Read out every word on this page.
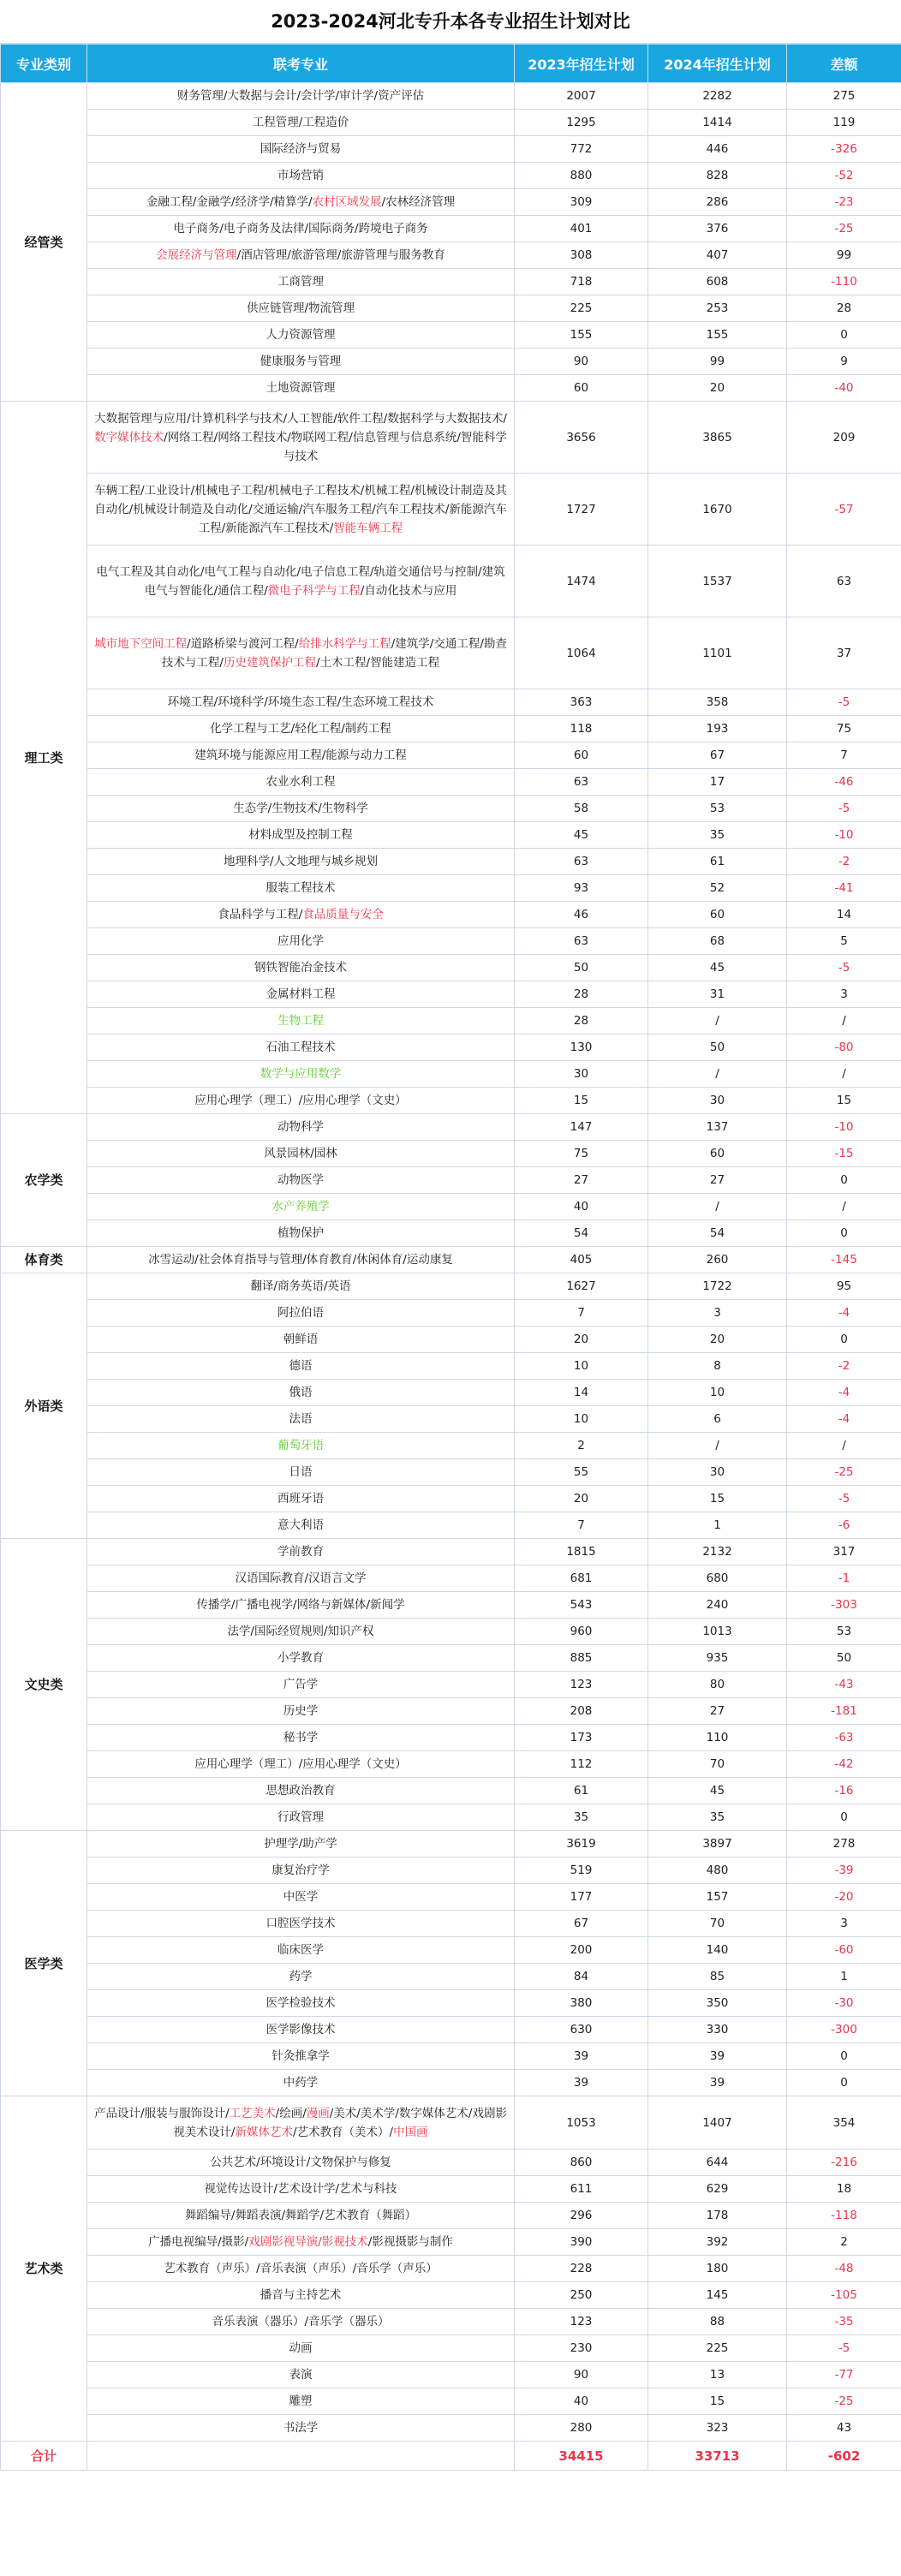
2023-2024河北专升本各专业招生计划对比
专业类别	联考专业	2023年招生计划	2024年招生计划	差额
经管类	财务管理/大数据与会计/会计学/审计学/资产评估	2007	2282	275
	工程管理/工程造价	1295	1414	119
	国际经济与贸易	772	446	-326
	市场营销	880	828	-52
	金融工程/金融学/经济学/精算学/农村区域发展/农林经济管理	309	286	-23
	电子商务/电子商务及法律/国际商务/跨境电子商务	401	376	-25
	会展经济与管理/酒店管理/旅游管理/旅游管理与服务教育	308	407	99
	工商管理	718	608	-110
	供应链管理/物流管理	225	253	28
	人力资源管理	155	155	0
	健康服务与管理	90	99	9
	土地资源管理	60	20	-40
理工类	大数据管理与应用/计算机科学与技术/人工智能/软件工程/数据科学与大数据技术/数字媒体技术/网络工程/网络工程技术/物联网工程/信息管理与信息系统/智能科学与技术	3656	3865	209
	车辆工程/工业设计/机械电子工程/机械电子工程技术/机械工程/机械设计制造及其自动化/机械设计制造及自动化/交通运输/汽车服务工程/汽车工程技术/新能源汽车工程/新能源汽车工程技术/智能车辆工程	1727	1670	-57
	电气工程及其自动化/电气工程与自动化/电子信息工程/轨道交通信号与控制/建筑电气与智能化/通信工程/微电子科学与工程/自动化技术与应用	1474	1537	63
	城市地下空间工程/道路桥梁与渡河工程/给排水科学与工程/建筑学/交通工程/勘查技术与工程/历史建筑保护工程/土木工程/智能建造工程	1064	1101	37
	环境工程/环境科学/环境生态工程/生态环境工程技术	363	358	-5
	化学工程与工艺/轻化工程/制药工程	118	193	75
	建筑环境与能源应用工程/能源与动力工程	60	67	7
	农业水利工程	63	17	-46
	生态学/生物技术/生物科学	58	53	-5
	材料成型及控制工程	45	35	-10
	地理科学/人文地理与城乡规划	63	61	-2
	服装工程技术	93	52	-41
	食品科学与工程/食品质量与安全	46	60	14
	应用化学	63	68	5
	钢铁智能冶金技术	50	45	-5
	金属材料工程	28	31	3
	生物工程	28	/	/
	石油工程技术	130	50	-80
	数学与应用数学	30	/	/
	应用心理学（理工）/应用心理学（文史）	15	30	15
农学类	动物科学	147	137	-10
	风景园林/园林	75	60	-15
	动物医学	27	27	0
	水产养殖学	40	/	/
	植物保护	54	54	0
体育类	冰雪运动/社会体育指导与管理/体育教育/休闲体育/运动康复	405	260	-145
外语类	翻译/商务英语/英语	1627	1722	95
	阿拉伯语	7	3	-4
	朝鲜语	20	20	0
	德语	10	8	-2
	俄语	14	10	-4
	法语	10	6	-4
	葡萄牙语	2	/	/
	日语	55	30	-25
	西班牙语	20	15	-5
	意大利语	7	1	-6
文史类	学前教育	1815	2132	317
	汉语国际教育/汉语言文学	681	680	-1
	传播学/广播电视学/网络与新媒体/新闻学	543	240	-303
	法学/国际经贸规则/知识产权	960	1013	53
	小学教育	885	935	50
	广告学	123	80	-43
	历史学	208	27	-181
	秘书学	173	110	-63
	应用心理学（理工）/应用心理学（文史）	112	70	-42
	思想政治教育	61	45	-16
	行政管理	35	35	0
医学类	护理学/助产学	3619	3897	278
	康复治疗学	519	480	-39
	中医学	177	157	-20
	口腔医学技术	67	70	3
	临床医学	200	140	-60
	药学	84	85	1
	医学检验技术	380	350	-30
	医学影像技术	630	330	-300
	针灸推拿学	39	39	0
	中药学	39	39	0
艺术类	产品设计/服装与服饰设计/工艺美术/绘画/漫画/美术/美术学/数字媒体艺术/戏剧影视美术设计/新媒体艺术/艺术教育（美术）/中国画	1053	1407	354
	公共艺术/环境设计/文物保护与修复	860	644	-216
	视觉传达设计/艺术设计学/艺术与科技	611	629	18
	舞蹈编导/舞蹈表演/舞蹈学/艺术教育（舞蹈）	296	178	-118
	广播电视编导/摄影/戏剧影视导演/影视技术/影视摄影与制作	390	392	2
	艺术教育（声乐）/音乐表演（声乐）/音乐学（声乐）	228	180	-48
	播音与主持艺术	250	145	-105
	音乐表演（器乐）/音乐学（器乐）	123	88	-35
	动画	230	225	-5
	表演	90	13	-77
	雕塑	40	15	-25
	书法学	280	323	43
合计		34415	33713	-602
